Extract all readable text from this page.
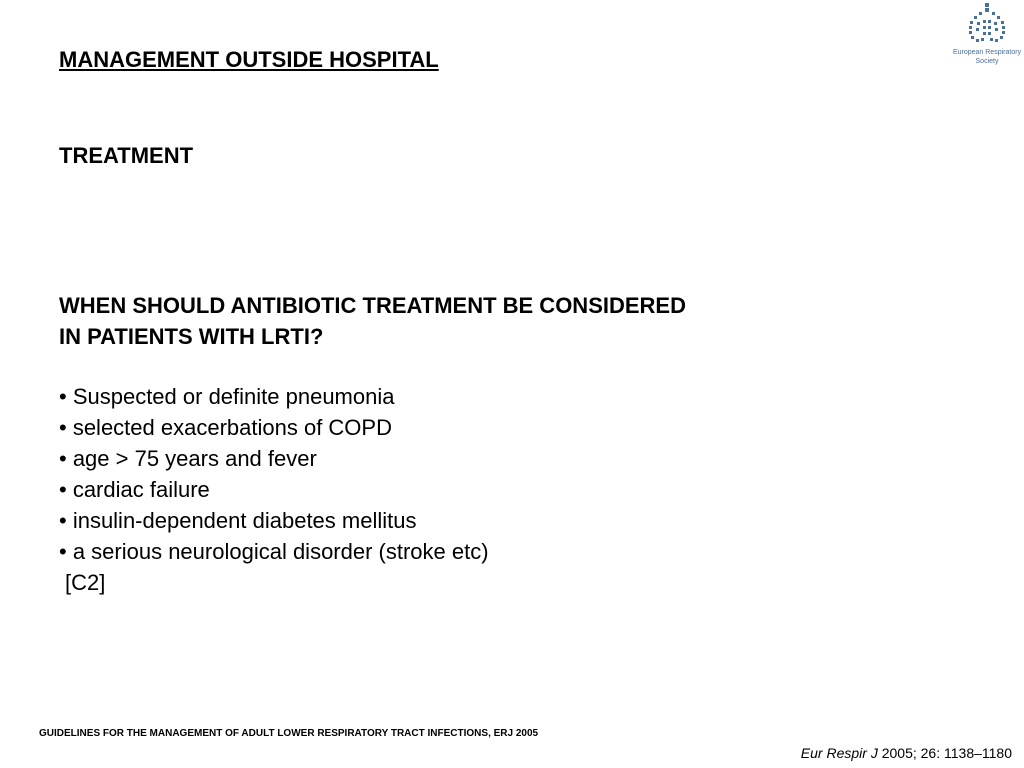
MANAGEMENT OUTSIDE HOSPITAL
TREATMENT
WHEN SHOULD ANTIBIOTIC TREATMENT BE CONSIDERED
IN PATIENTS WITH LRTI?
• Suspected or definite pneumonia
• selected exacerbations of COPD
• age > 75 years and fever
• cardiac failure
• insulin-dependent diabetes mellitus
• a serious neurological disorder (stroke etc)
[C2]
European Respiratory
Society
GUIDELINES FOR THE MANAGEMENT OF ADULT LOWER RESPIRATORY TRACT INFECTIONS, ERJ 2005
Eur Respir J 2005; 26: 1138–1180
